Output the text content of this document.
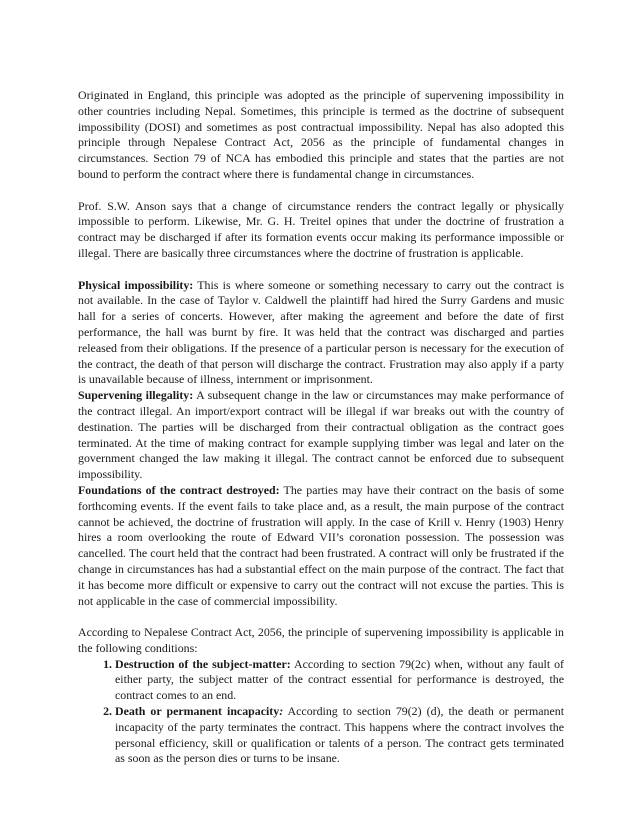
Originated in England, this principle was adopted as the principle of supervening impossibility in other countries including Nepal. Sometimes, this principle is termed as the doctrine of subsequent impossibility (DOSI) and sometimes as post contractual impossibility. Nepal has also adopted this principle through Nepalese Contract Act, 2056 as the principle of fundamental changes in circumstances. Section 79 of NCA has embodied this principle and states that the parties are not bound to perform the contract where there is fundamental change in circumstances.

Prof. S.W. Anson says that a change of circumstance renders the contract legally or physically impossible to perform. Likewise, Mr. G. H. Treitel opines that under the doctrine of frustration a contract may be discharged if after its formation events occur making its performance impossible or illegal. There are basically three circumstances where the doctrine of frustration is applicable.

Physical impossibility: This is where someone or something necessary to carry out the contract is not available. In the case of Taylor v. Caldwell the plaintiff had hired the Surry Gardens and music hall for a series of concerts. However, after making the agreement and before the date of first performance, the hall was burnt by fire. It was held that the contract was discharged and parties released from their obligations. If the presence of a particular person is necessary for the execution of the contract, the death of that person will discharge the contract. Frustration may also apply if a party is unavailable because of illness, internment or imprisonment.

Supervening illegality: A subsequent change in the law or circumstances may make performance of the contract illegal. An import/export contract will be illegal if war breaks out with the country of destination. The parties will be discharged from their contractual obligation as the contract goes terminated. At the time of making contract for example supplying timber was legal and later on the government changed the law making it illegal. The contract cannot be enforced due to subsequent impossibility.

Foundations of the contract destroyed: The parties may have their contract on the basis of some forthcoming events. If the event fails to take place and, as a result, the main purpose of the contract cannot be achieved, the doctrine of frustration will apply. In the case of Krill v. Henry (1903) Henry hires a room overlooking the route of Edward VII’s coronation possession. The possession was cancelled. The court held that the contract had been frustrated. A contract will only be frustrated if the change in circumstances has had a substantial effect on the main purpose of the contract. The fact that it has become more difficult or expensive to carry out the contract will not excuse the parties. This is not applicable in the case of commercial impossibility.

According to Nepalese Contract Act, 2056, the principle of supervening impossibility is applicable in the following conditions:

1. Destruction of the subject-matter: According to section 79(2c) when, without any fault of either party, the subject matter of the contract essential for performance is destroyed, the contract comes to an end.
2. Death or permanent incapacity: According to section 79(2) (d), the death or permanent incapacity of the party terminates the contract. This happens where the contract involves the personal efficiency, skill or qualification or talents of a person. The contract gets terminated as soon as the person dies or turns to be insane.
